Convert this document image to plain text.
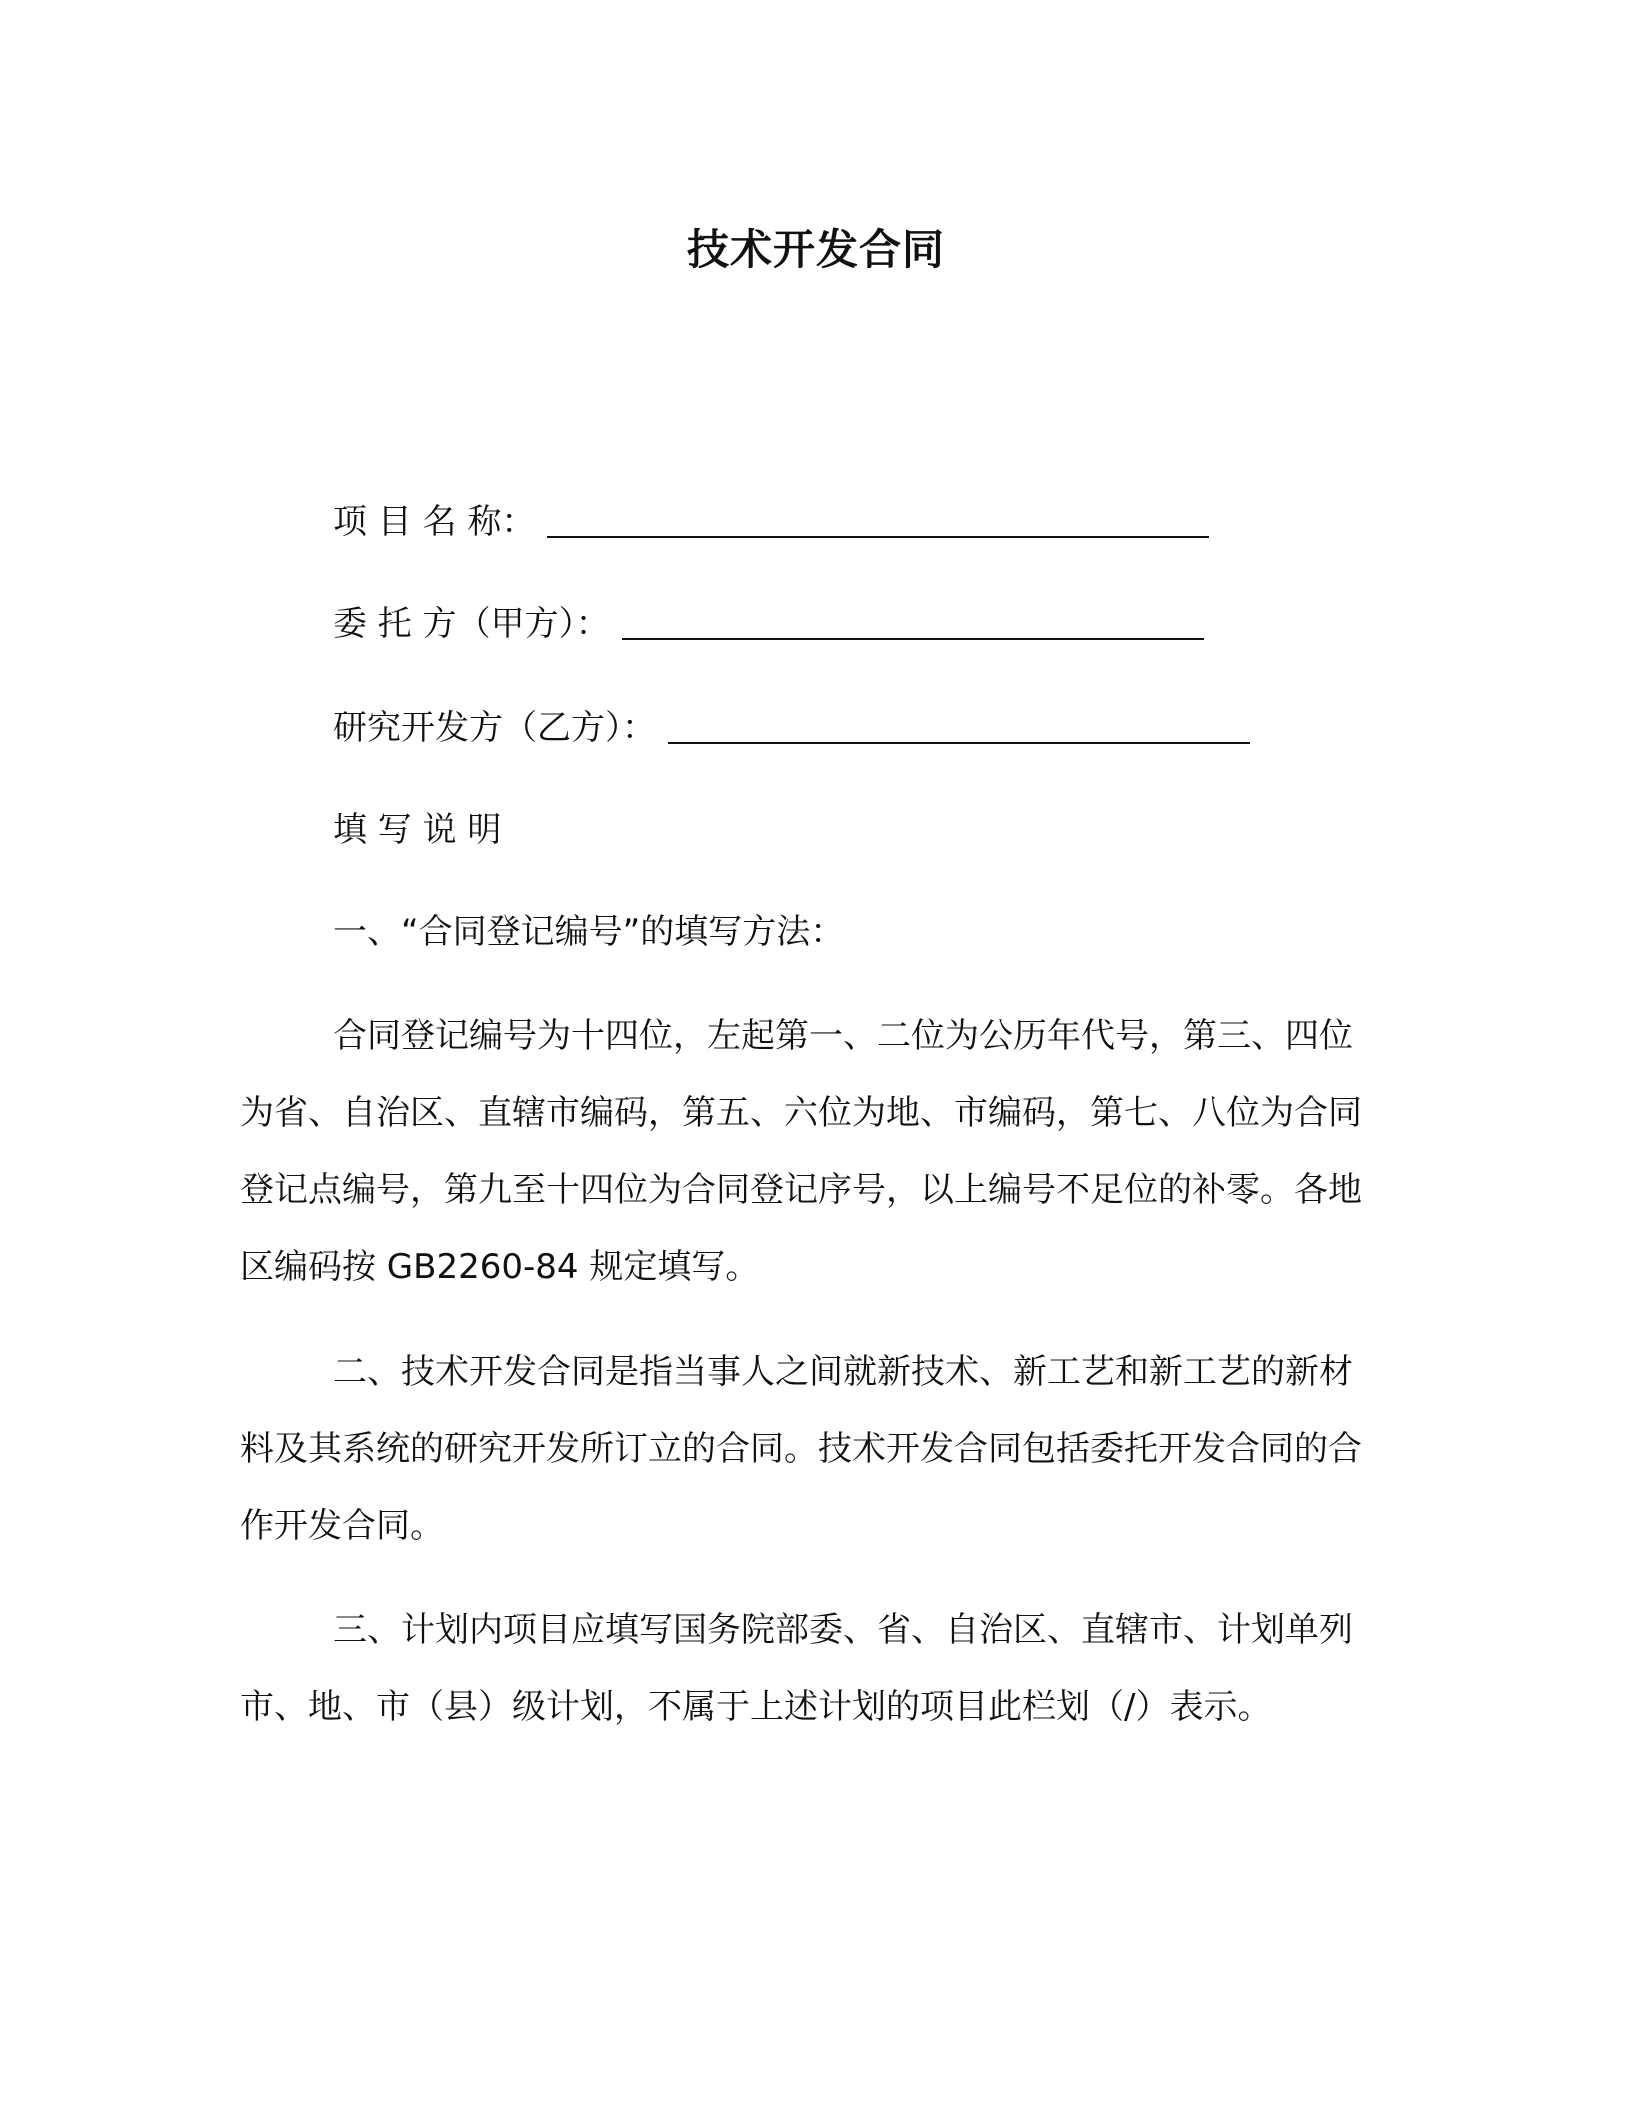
技术开发合同
项 目 名 称：
委 托 方（甲方）：
研究开发方（乙方）：
填 写 说 明
一、“合同登记编号”的填写方法：
合同登记编号为十四位，左起第一、二位为公历年代号，第三、四位为省、自治区、直辖市编码，第五、六位为地、市编码，第七、八位为合同登记点编号，第九至十四位为合同登记序号，以上编号不足位的补零。各地区编码按 GB2260-84 规定填写。
二、技术开发合同是指当事人之间就新技术、新工艺和新工艺的新材料及其系统的研究开发所订立的合同。技术开发合同包括委托开发合同的合作开发合同。
三、计划内项目应填写国务院部委、省、自治区、直辖市、计划单列市、地、市（县）级计划，不属于上述计划的项目此栏划（/）表示。
